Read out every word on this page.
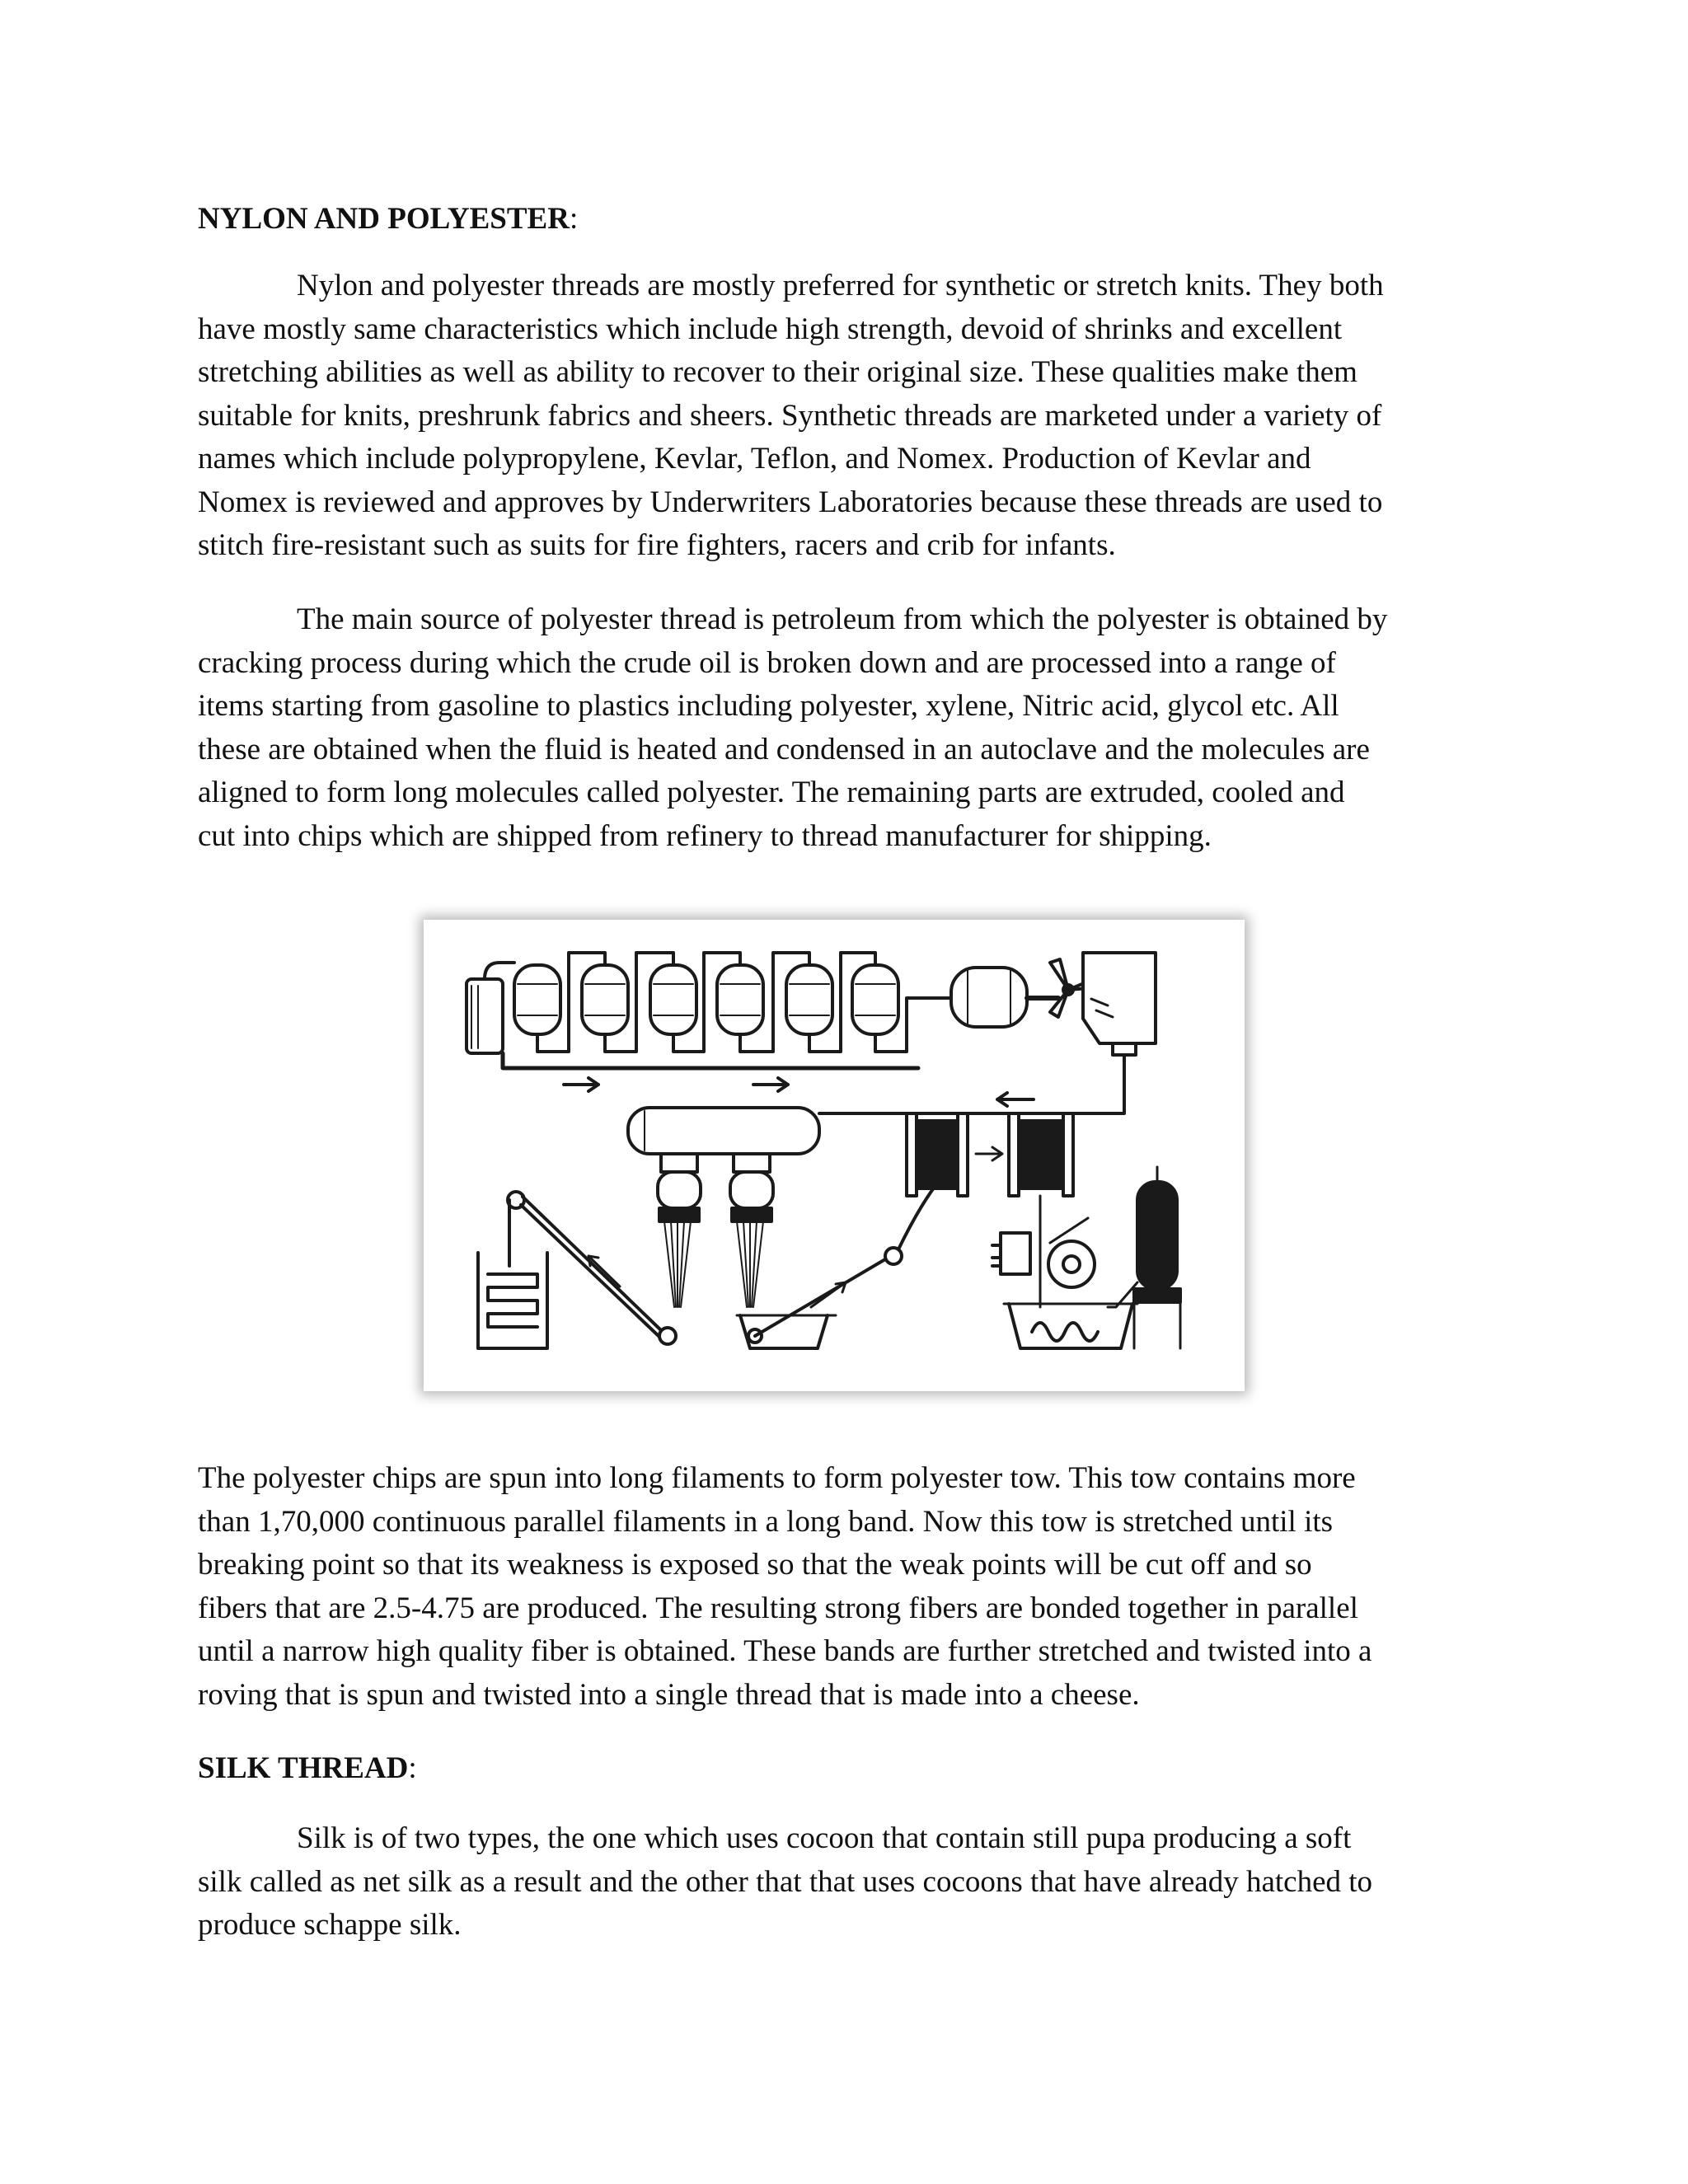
NYLON AND POLYESTER:
Nylon and polyester threads are mostly preferred for synthetic or stretch knits. They both
have mostly same characteristics which include high strength, devoid of shrinks and excellent
stretching abilities as well as ability to recover to their original size. These qualities make them
suitable for knits, preshrunk fabrics and sheers. Synthetic threads are marketed under a variety of
names which include polypropylene, Kevlar, Teflon, and Nomex. Production of Kevlar and
Nomex is reviewed and approves by Underwriters Laboratories because these threads are used to
stitch fire-resistant such as suits for fire fighters, racers and crib for infants.
The main source of polyester thread is petroleum from which the polyester is obtained by
cracking process during which the crude oil is broken down and are processed into a range of
items starting from gasoline to plastics including polyester, xylene, Nitric acid, glycol etc. All
these are obtained when the fluid is heated and condensed in an autoclave and the molecules are
aligned to form long molecules called polyester. The remaining parts are extruded, cooled and
cut into chips which are shipped from refinery to thread manufacturer for shipping.
The polyester chips are spun into long filaments to form polyester tow. This tow contains more
than 1,70,000 continuous parallel filaments in a long band. Now this tow is stretched until its
breaking point so that its weakness is exposed so that the weak points will be cut off and so
fibers that are 2.5-4.75 are produced. The resulting strong fibers are bonded together in parallel
until a narrow high quality fiber is obtained. These bands are further stretched and twisted into a
roving that is spun and twisted into a single thread that is made into a cheese.
SILK THREAD:
Silk is of two types, the one which uses cocoon that contain still pupa producing a soft
silk called as net silk as a result and the other that that uses cocoons that have already hatched to
produce schappe silk.
